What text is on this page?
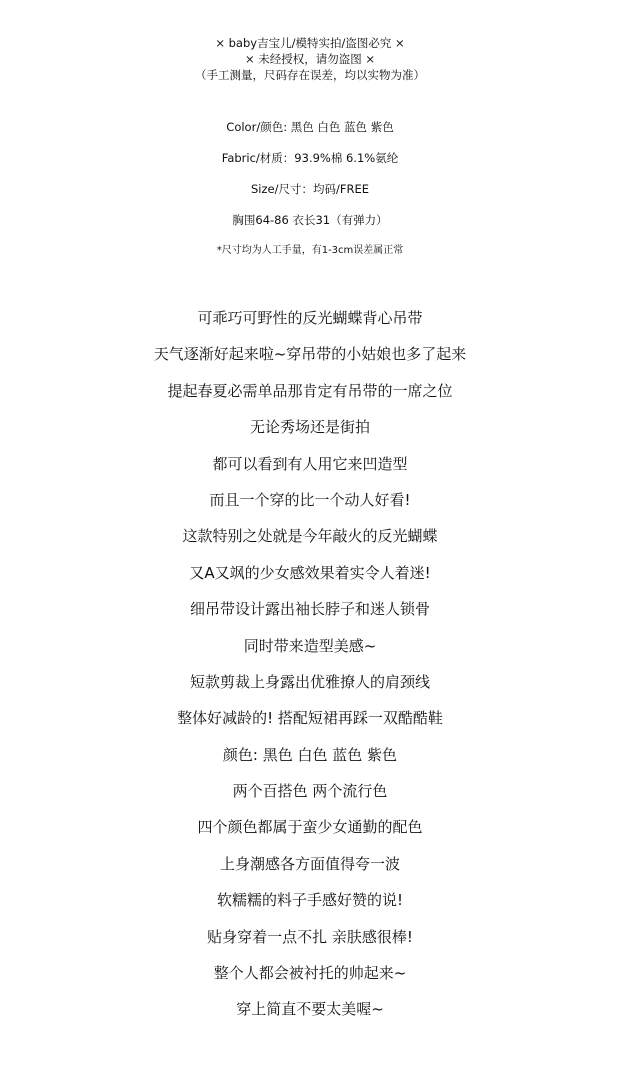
× baby吉宝儿/模特实拍/盗图必究 ×
× 未经授权，请勿盗图 ×
（手工测量，尺码存在误差，均以实物为准）
Color/颜色: 黑色 白色 蓝色 紫色
Fabric/材质：93.9%棉 6.1%氨纶
Size/尺寸：均码/FREE
胸围64-86 衣长31（有弹力）
*尺寸均为人工手量，有1-3cm误差属正常
可乖巧可野性的反光蝴蝶背心吊带
天气逐渐好起来啦~穿吊带的小姑娘也多了起来
提起春夏必需单品那肯定有吊带的一席之位
无论秀场还是街拍
都可以看到有人用它来凹造型
而且一个穿的比一个动人好看!
这款特别之处就是今年敲火的反光蝴蝶
又A又飒的少女感效果着实令人着迷!
细吊带设计露出袖长脖子和迷人锁骨
同时带来造型美感~
短款剪裁上身露出优雅撩人的肩颈线
整体好减龄的! 搭配短裙再踩一双酷酷鞋
颜色: 黑色 白色 蓝色 紫色
两个百搭色 两个流行色
四个颜色都属于蛮少女通勤的配色
上身潮感各方面值得夸一波
软糯糯的料子手感好赞的说!
贴身穿着一点不扎 亲肤感很棒!
整个人都会被衬托的帅起来~
穿上简直不要太美喔~
